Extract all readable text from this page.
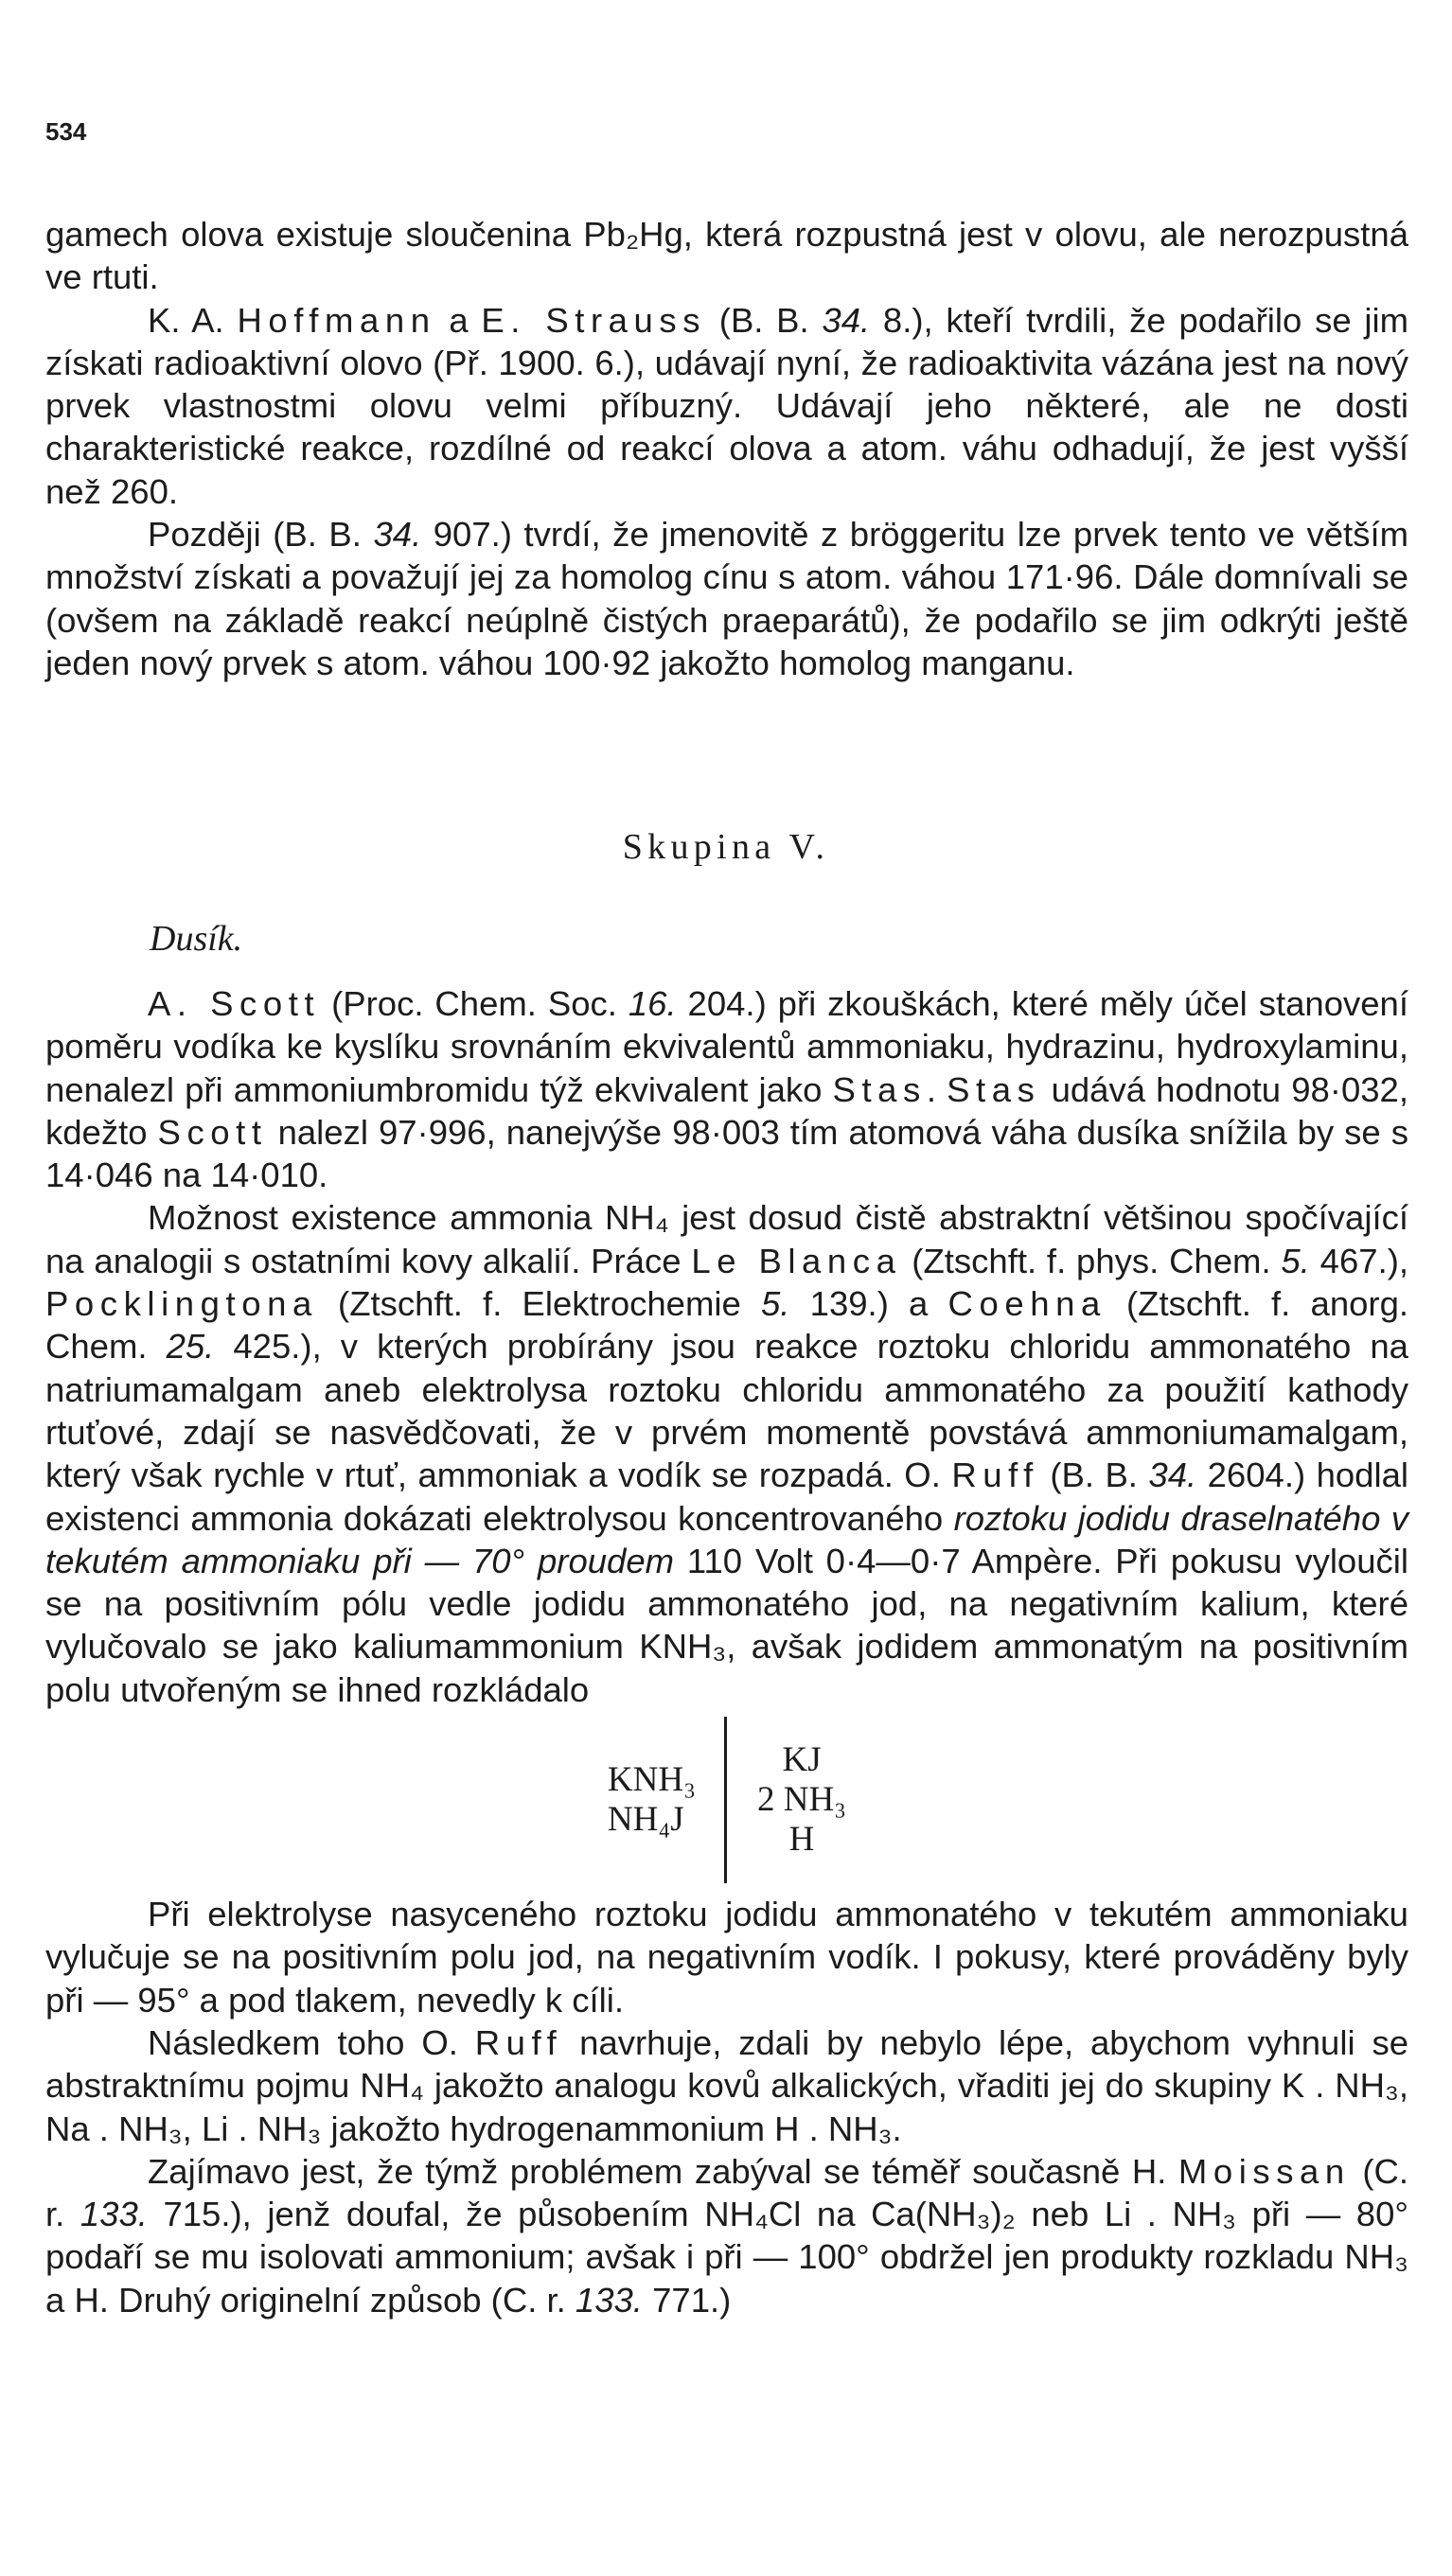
534

gamech olova existuje sloučenina Pb₂Hg, která rozpustná jest v olovu, ale nerozpustná ve rtuti.

K. A. Hoffmann a E. Strauss (B. B. 34. 8.), kteří tvrdili, že podařilo se jim získati radioaktivní olovo (Př. 1900. 6.), udávají nyní, že radioaktivita vázána jest na nový prvek vlastnostmi olovu velmi příbuzný. Udávají jeho některé, ale ne dosti charakteristické reakce, rozdílné od reakcí olova a atom. váhu odhadují, že jest vyšší než 260.

Později (B. B. 34. 907.) tvrdí, že jmenovitě z bröggeritu lze prvek tento ve větším množství získati a považují jej za homolog cínu s atom. váhou 171·96. Dále domnívali se (ovšem na základě reakcí neúplně čistých praeparátů), že podařilo se jim odkrýti ještě jeden nový prvek s atom. váhou 100·92 jakožto homolog manganu.

Skupina V.
Dusík.

A. Scott (Proc. Chem. Soc. 16. 204.) při zkouškách, které měly účel stanovení poměru vodíka ke kyslíku srovnáním ekvivalentů ammoniaku, hydrazinu, hydroxylaminu, nenalezl při ammoniumbromidu týž ekvivalent jako Stas. Stas udává hodnotu 98·032, kdežto Scott nalezl 97·996, nanejvýše 98·003 tím atomová váha dusíka snížila by se s 14·046 na 14·010.

Možnost existence ammonia NH₄ jest dosud čistě abstraktní většinou spočívající na analogii s ostatními kovy alkalií. Práce Le Blanca (Ztschft. f. phys. Chem. 5. 467.), Pocklingtona (Ztschft. f. Elektrochemie 5. 139.) a Coehna (Ztschft. f. anorg. Chem. 25. 425.), v kterých probírány jsou reakce roztoku chloridu ammonatého na natriumamalgam aneb elektrolysa roztoku chloridu ammonatého za použití kathody rtuťové, zdají se nasvědčovati, že v prvém momentě povstává ammoniumamalgam, který však rychle v rtuť, ammoniak a vodík se rozpadá. O. Ruff (B. B. 34. 2604.) hodlal existenci ammonia dokázati elektrolysou koncentrovaného roztoku jodidu draselnatého v tekutém ammoniaku při — 70° proudem 110 Volt 0·4—0·7 Ampère. Při pokusu vyloučil se na positivním pólu vedle jodidu ammonatého jod, na negativním kalium, které vylučovalo se jako kaliumammonium KNH₃, avšak jodidem ammonatým na positivním polu utvořeným se ihned rozkládalo

KNH₃
NH₄J
KJ
2 NH₃
H

Při elektrolyse nasyceného roztoku jodidu ammonatého v tekutém ammoniaku vylučuje se na positivním polu jod, na negativním vodík. I pokusy, které prováděny byly při — 95° a pod tlakem, nevedly k cíli.

Následkem toho O. Ruff navrhuje, zdali by nebylo lépe, abychom vyhnuli se abstraktnímu pojmu NH₄ jakožto analogu kovů alkalických, vřaditi jej do skupiny K . NH₃, Na . NH₃, Li . NH₃ jakožto hydrogenammonium H . NH₃.

Zajímavo jest, že týmž problémem zabýval se téměř současně H. Moissan (C. r. 133. 715.), jenž doufal, že působením NH₄Cl na Ca(NH₃)₂ neb Li . NH₃ při — 80° podaří se mu isolovati ammonium; avšak i při — 100° obdržel jen produkty rozkladu NH₃ a H. Druhý originelní způsob (C. r. 133. 771.)
